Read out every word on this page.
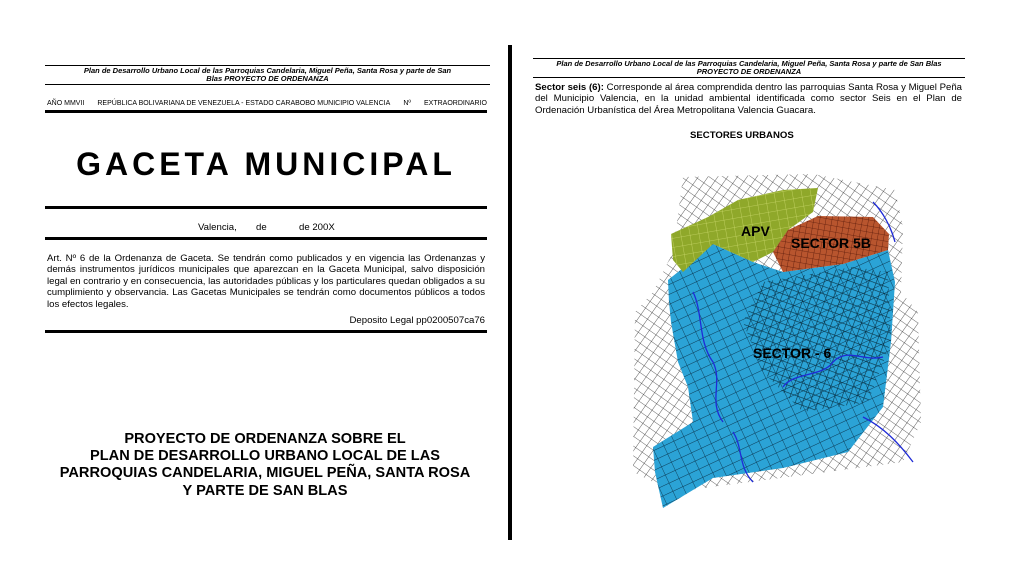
Plan de Desarrollo Urbano Local de las Parroquias Candelaria, Miguel Peña, Santa Rosa y parte de San
Blas PROYECTO DE ORDENANZA
AÑO MMVII REPÚBLICA BOLIVARIANA DE VENEZUELA - ESTADO CARABOBO MUNICIPIO VALENCIA Nº EXTRAORDINARIO
GACETA MUNICIPAL
Valencia, de	de 200X
Art. Nº 6 de la Ordenanza de Gaceta. Se tendrán como publicados y en vigencia las Ordenanzas y demás instrumentos jurídicos municipales que aparezcan en la Gaceta Municipal, salvo disposición legal en contrario y en consecuencia, las autoridades públicas y los particulares quedan obligados a su cumplimiento y observancia. Las Gacetas Municipales se tendrán como documentos públicos a todos los efectos legales.
Deposito Legal pp0200507ca76
PROYECTO DE ORDENANZA SOBRE EL
PLAN DE DESARROLLO URBANO LOCAL DE LAS
PARROQUIAS CANDELARIA, MIGUEL PEÑA, SANTA ROSA
Y PARTE DE SAN BLAS
Plan de Desarrollo Urbano Local de las Parroquias Candelaria, Miguel Peña, Santa Rosa y parte de San Blas
PROYECTO DE ORDENANZA
Sector seis (6): Corresponde al área comprendida dentro las parroquias Santa Rosa y Miguel Peña del Municipio Valencia, en la unidad ambiental identificada como sector Seis en el Plan de Ordenación Urbanística del Área Metropolitana Valencia Guacara.
SECTORES URBANOS
APV
SECTOR 5B
SECTOR - 6
